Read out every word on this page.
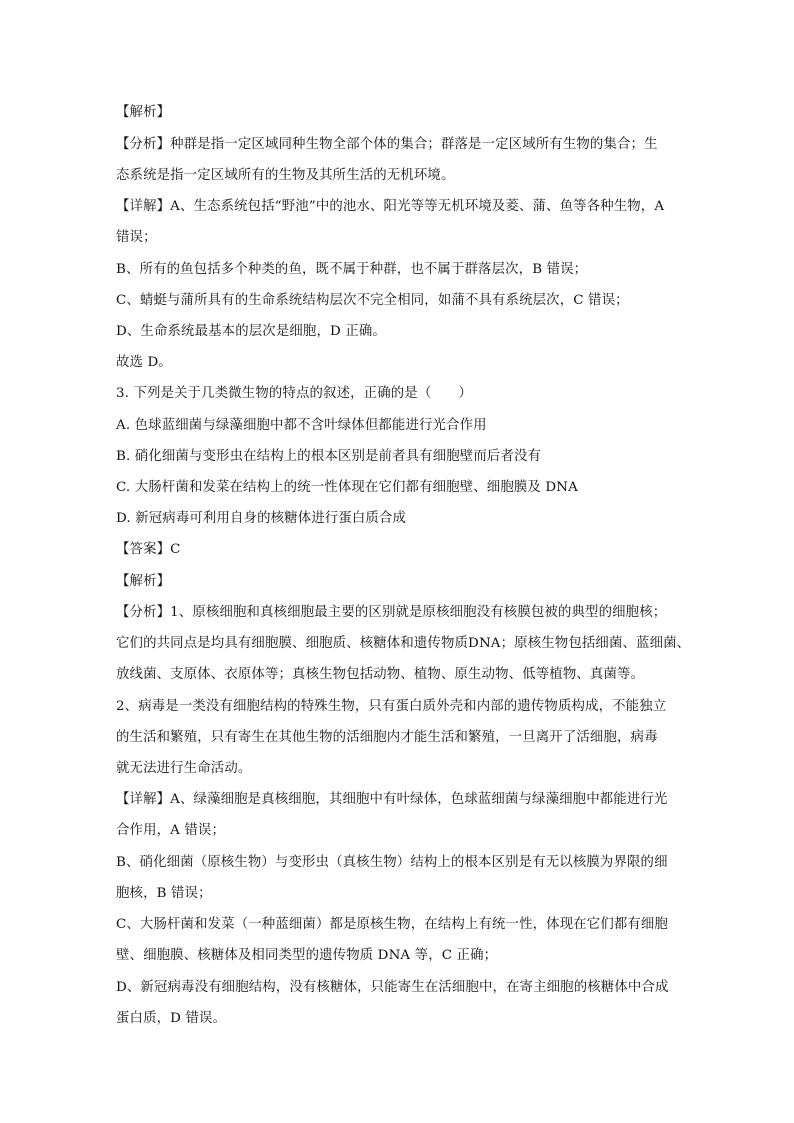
【解析】
【分析】种群是指一定区域同种生物全部个体的集合；群落是一定区域所有生物的集合；生
态系统是指一定区域所有的生物及其所生活的无机环境。
【详解】A、生态系统包括“野池”中的池水、阳光等等无机环境及菱、蒲、鱼等各种生物，A
错误；
B、所有的鱼包括多个种类的鱼，既不属于种群，也不属于群落层次，B 错误；
C、蜻蜓与蒲所具有的生命系统结构层次不完全相同，如蒲不具有系统层次，C 错误；
D、生命系统最基本的层次是细胞，D 正确。
故选 D。
3. 下列是关于几类微生物的特点的叙述，正确的是（　　）
A. 色球蓝细菌与绿藻细胞中都不含叶绿体但都能进行光合作用
B. 硝化细菌与变形虫在结构上的根本区别是前者具有细胞壁而后者没有
C. 大肠杆菌和发菜在结构上的统一性体现在它们都有细胞壁、细胞膜及 DNA
D. 新冠病毒可利用自身的核糖体进行蛋白质合成
【答案】C
【解析】
【分析】1、原核细胞和真核细胞最主要的区别就是原核细胞没有核膜包被的典型的细胞核；
它们的共同点是均具有细胞膜、细胞质、核糖体和遗传物质DNA；原核生物包括细菌、蓝细菌、
放线菌、支原体、衣原体等；真核生物包括动物、植物、原生动物、低等植物、真菌等。
2、病毒是一类没有细胞结构的特殊生物，只有蛋白质外壳和内部的遗传物质构成，不能独立
的生活和繁殖，只有寄生在其他生物的活细胞内才能生活和繁殖，一旦离开了活细胞，病毒
就无法进行生命活动。
【详解】A、绿藻细胞是真核细胞，其细胞中有叶绿体，色球蓝细菌与绿藻细胞中都能进行光
合作用，A 错误；
B、硝化细菌（原核生物）与变形虫（真核生物）结构上的根本区别是有无以核膜为界限的细
胞核，B 错误；
C、大肠杆菌和发菜（一种蓝细菌）都是原核生物，在结构上有统一性，体现在它们都有细胞
壁、细胞膜、核糖体及相同类型的遗传物质 DNA 等，C 正确；
D、新冠病毒没有细胞结构，没有核糖体，只能寄生在活细胞中，在寄主细胞的核糖体中合成
蛋白质，D 错误。
